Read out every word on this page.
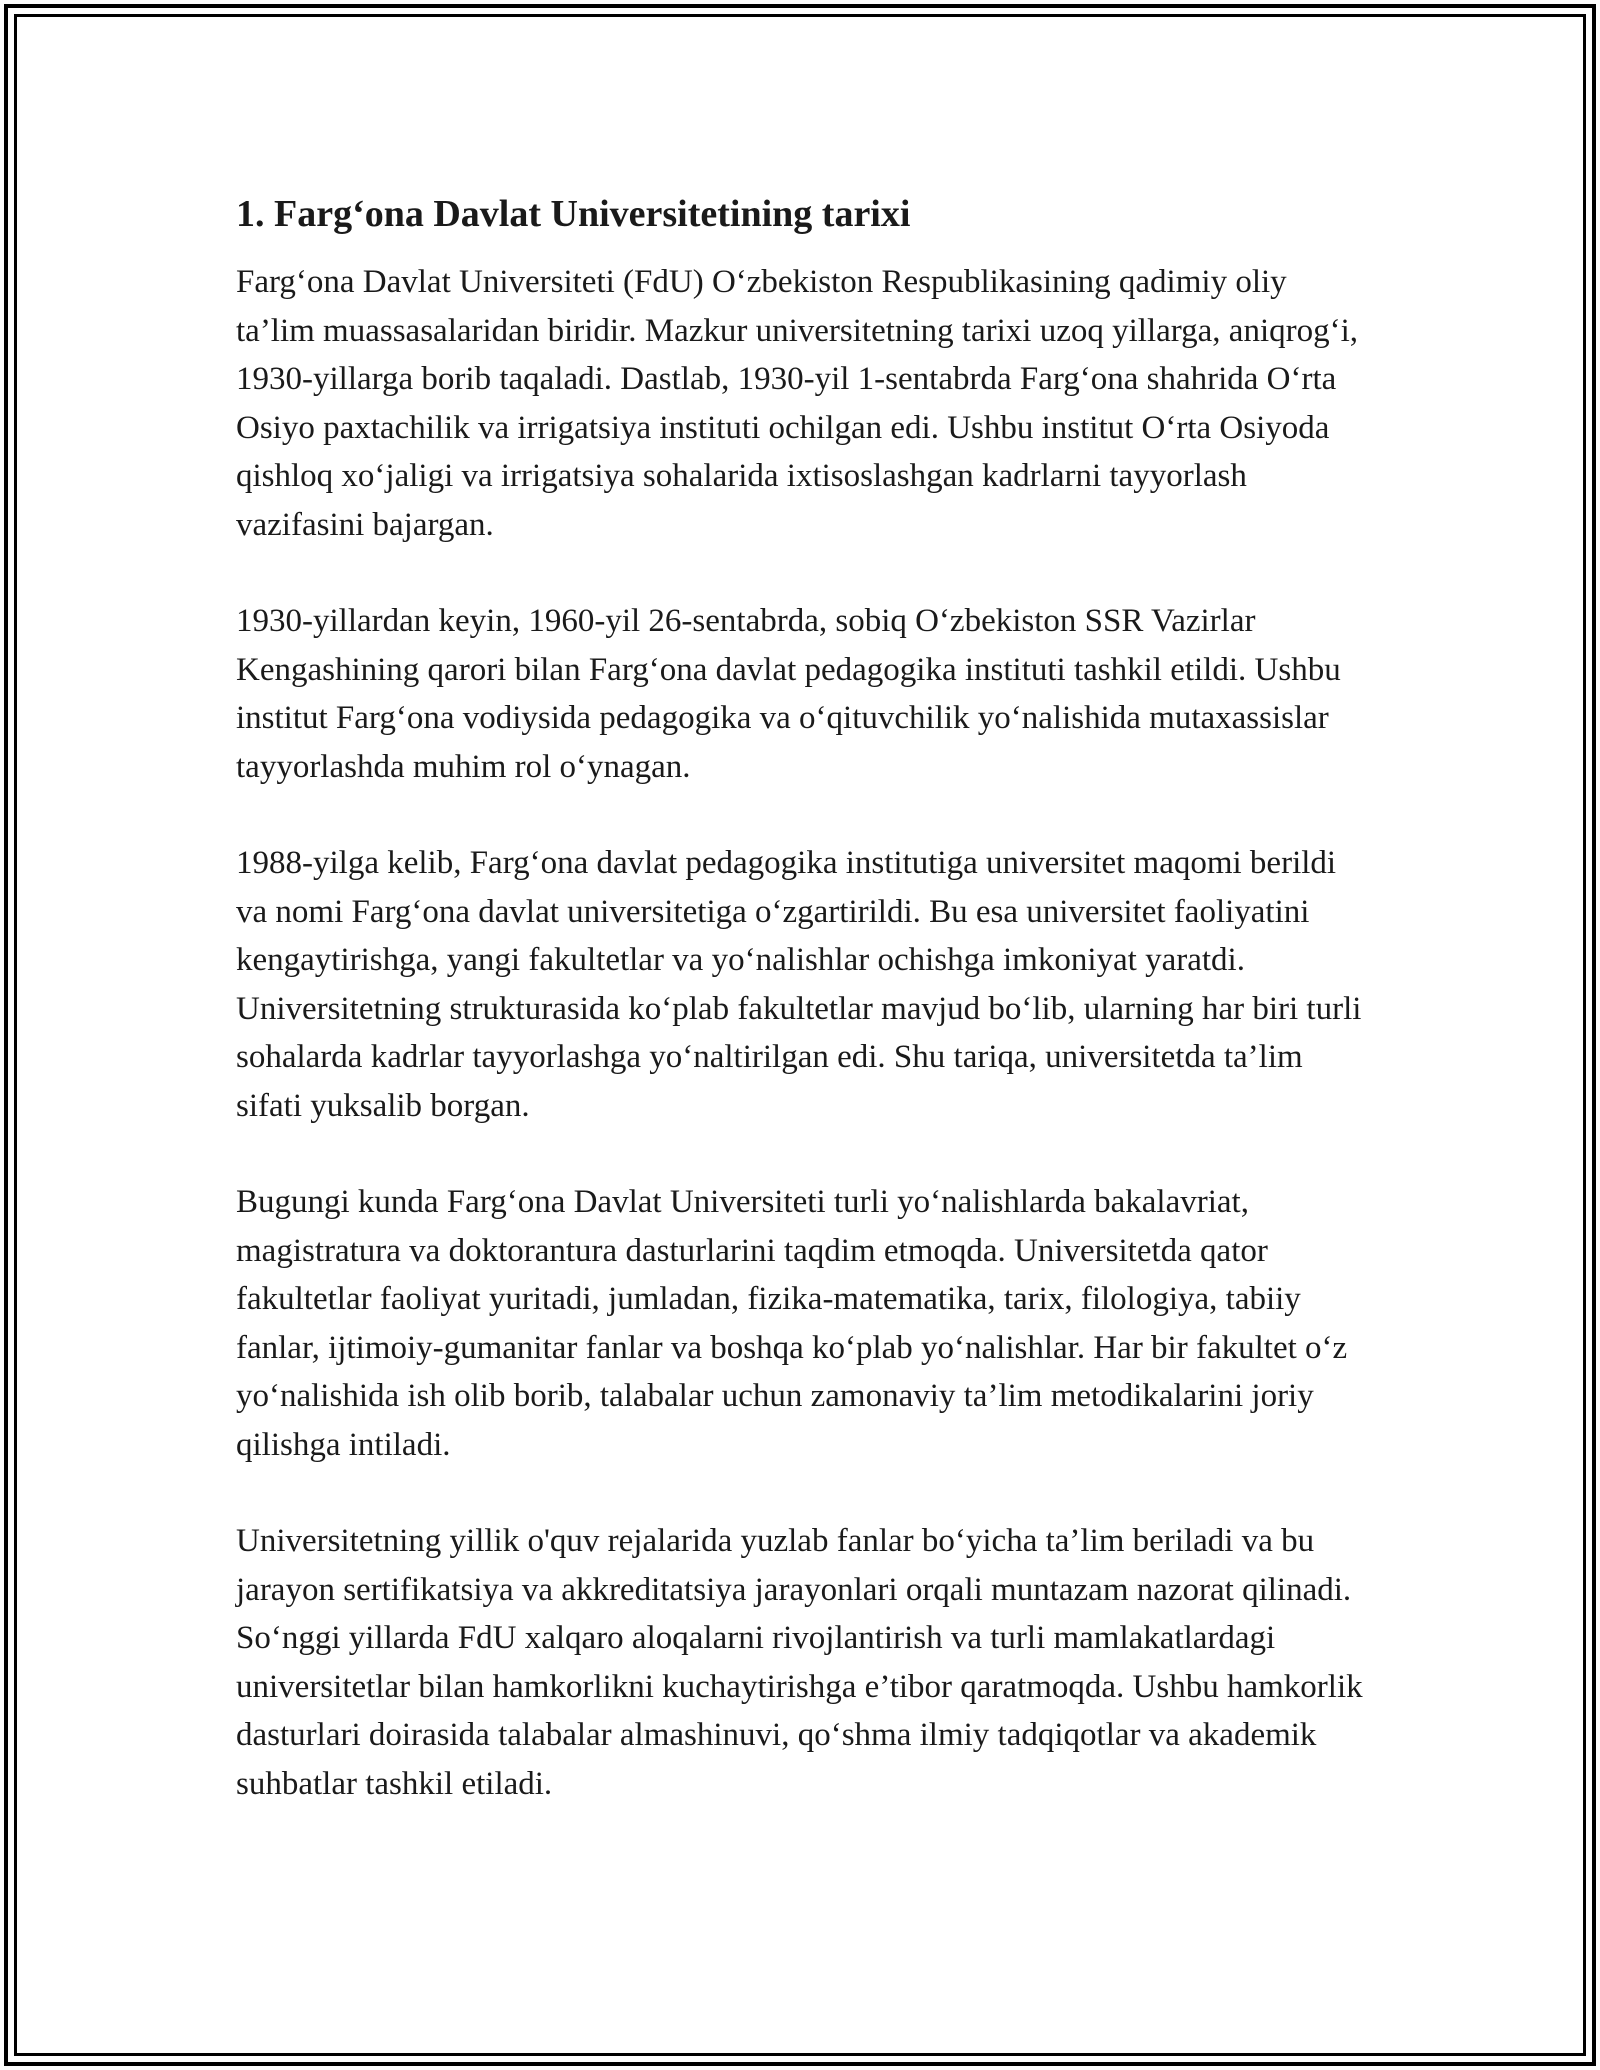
1. Farg‘ona Davlat Universitetining tarixi

Farg‘ona Davlat Universiteti (FdU) O‘zbekiston Respublikasining qadimiy oliy ta’lim muassasalaridan biridir. Mazkur universitetning tarixi uzoq yillarga, aniqrog‘i, 1930-yillarga borib taqaladi. Dastlab, 1930-yil 1-sentabrda Farg‘ona shahrida O‘rta Osiyo paxtachilik va irrigatsiya instituti ochilgan edi. Ushbu institut O‘rta Osiyoda qishloq xo‘jaligi va irrigatsiya sohalarida ixtisoslashgan kadrlarni tayyorlash vazifasini bajargan.

1930-yillardan keyin, 1960-yil 26-sentabrda, sobiq O‘zbekiston SSR Vazirlar Kengashining qarori bilan Farg‘ona davlat pedagogika instituti tashkil etildi. Ushbu institut Farg‘ona vodiysida pedagogika va o‘qituvchilik yo‘nalishida mutaxassislar tayyorlashda muhim rol o‘ynagan.

1988-yilga kelib, Farg‘ona davlat pedagogika institutiga universitet maqomi berildi va nomi Farg‘ona davlat universitetiga o‘zgartirildi. Bu esa universitet faoliyatini kengaytirishga, yangi fakultetlar va yo‘nalishlar ochishga imkoniyat yaratdi. Universitetning strukturasida ko‘plab fakultetlar mavjud bo‘lib, ularning har biri turli sohalarda kadrlar tayyorlashga yo‘naltirilgan edi. Shu tariqa, universitetda ta’lim sifati yuksalib borgan.

Bugungi kunda Farg‘ona Davlat Universiteti turli yo‘nalishlarda bakalavriat, magistratura va doktorantura dasturlarini taqdim etmoqda. Universitetda qator fakultetlar faoliyat yuritadi, jumladan, fizika-matematika, tarix, filologiya, tabiiy fanlar, ijtimoiy-gumanitar fanlar va boshqa ko‘plab yo‘nalishlar. Har bir fakultet o‘z yo‘nalishida ish olib borib, talabalar uchun zamonaviy ta’lim metodikalarini joriy qilishga intiladi.

Universitetning yillik o'quv rejalarida yuzlab fanlar bo‘yicha ta’lim beriladi va bu jarayon sertifikatsiya va akkreditatsiya jarayonlari orqali muntazam nazorat qilinadi. So‘nggi yillarda FdU xalqaro aloqalarni rivojlantirish va turli mamlakatlardagi universitetlar bilan hamkorlikni kuchaytirishga e’tibor qaratmoqda. Ushbu hamkorlik dasturlari doirasida talabalar almashinuvi, qo‘shma ilmiy tadqiqotlar va akademik suhbatlar tashkil etiladi.
